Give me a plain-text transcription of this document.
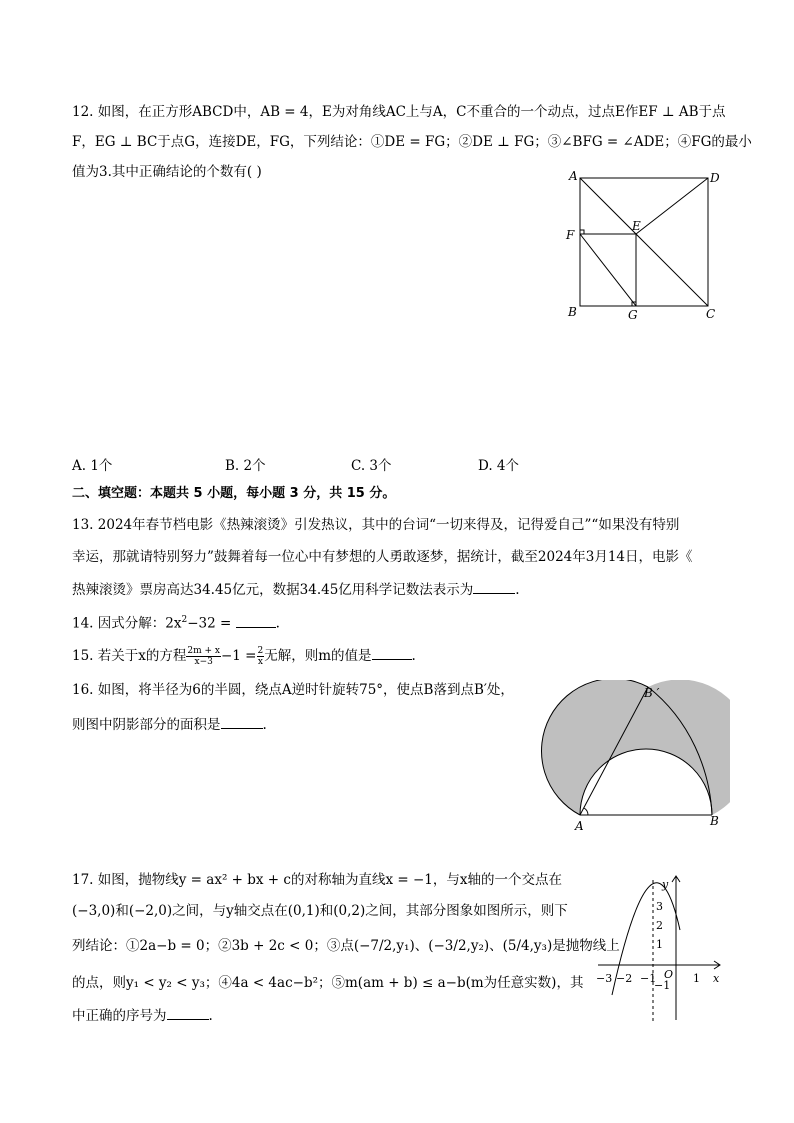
12. 如图，在正方形ABCD中，AB = 4，E为对角线AC上与A，C不重合的一个动点，过点E作EF ⊥ AB于点
F，EG ⊥ BC于点G，连接DE，FG，下列结论：①DE = FG；②DE ⊥ FG；③∠BFG = ∠ADE；④FG的最小
值为3.其中正确结论的个数有( )	A	D
F
E
B	G	C
A. 1个	B. 2个	C. 3个	D. 4个
二、填空题：本题共 5 小题，每小题 3 分，共 15 分。
13. 2024年春节档电影《热辣滚烫》引发热议，其中的台词“一切来得及，记得爱自己”“如果没有特别
幸运，那就请特别努力”鼓舞着每一位心中有梦想的人勇敢逐梦，据统计，截至2024年3月14日，电影《
热辣滚烫》票房高达34.45亿元，数据34.45亿用科学记数法表示为	.
14. 因式分解：$2x^2-32$ =	.
15. 若关于x的方程 $\frac{2m + x}{x-3} -1 = \frac{2}{x}$ 无解，则m的值是	.
16. 如图，将半径为6的半圆，绕点A逆时针旋转75°，使点B落到点B′处，
则图中阴影部分的面积是	.
A	B
B ′
17. 如图，抛物线y = ax² + bx + c的对称轴为直线x = −1，与x轴的一个交点在
(−3,0)和(−2,0)之间，与y轴交点在(0,1)和(0,2)之间，其部分图象如图所示，则下
列结论：①2a−b = 0；②3b + 2c < 0；③点(−7/2,y₁)、(−3/2,y₂)、(5/4,y₃)是抛物线上
的点，则y₁ < y₂ < y₃；④4a < 4ac−b²；⑤m(am + b) ≤ a−b(m为任意实数)，其
中正确的序号为	.
y
x
O
3
2
1
−1
−3 −2 −1	1
